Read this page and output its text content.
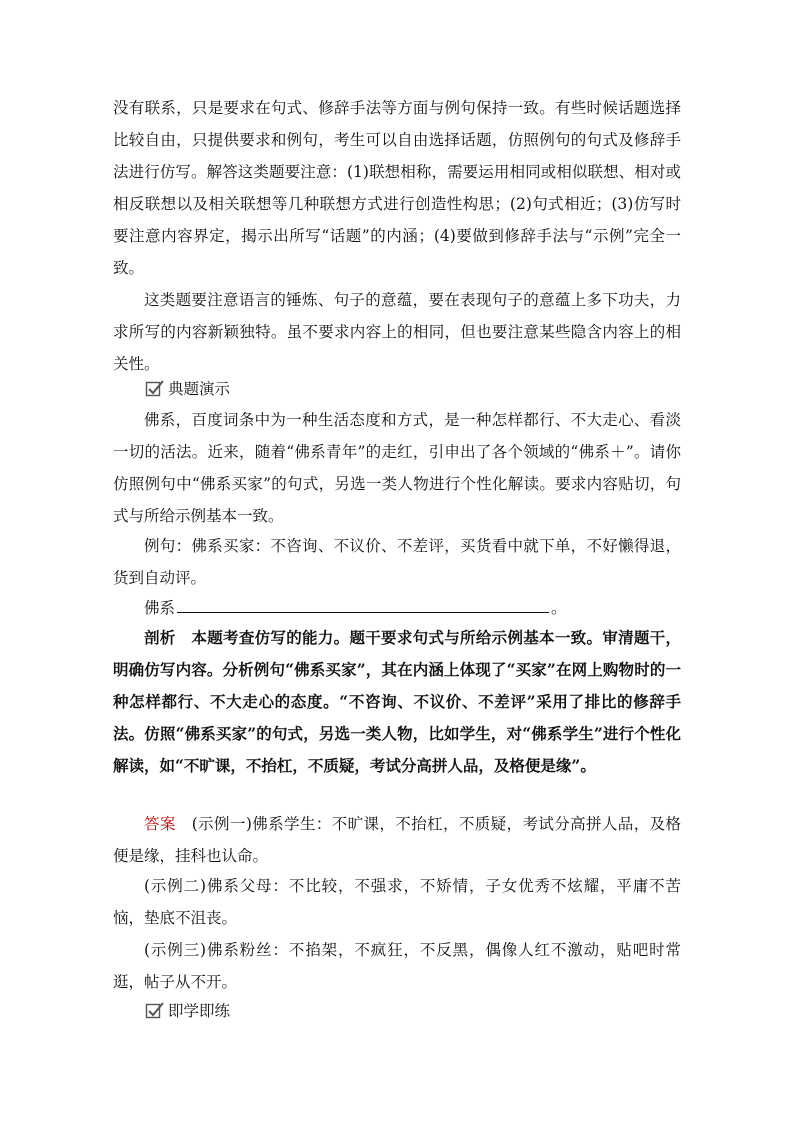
没有联系，只是要求在句式、修辞手法等方面与例句保持一致。有些时候话题选择比较自由，只提供要求和例句，考生可以自由选择话题，仿照例句的句式及修辞手法进行仿写。解答这类题要注意：(1)联想相称，需要运用相同或相似联想、相对或相反联想以及相关联想等几种联想方式进行创造性构思；(2)句式相近；(3)仿写时要注意内容界定，揭示出所写“话题”的内涵；(4)要做到修辞手法与“示例”完全一致。

这类题要注意语言的锤炼、句子的意蕴，要在表现句子的意蕴上多下功夫，力求所写的内容新颖独特。虽不要求内容上的相同，但也要注意某些隐含内容上的相关性。

典题演示

佛系，百度词条中为一种生活态度和方式，是一种怎样都行、不大走心、看淡一切的活法。近来，随着“佛系青年”的走红，引申出了各个领域的“佛系＋”。请你仿照例句中“佛系买家”的句式，另选一类人物进行个性化解读。要求内容贴切，句式与所给示例基本一致。

例句：佛系买家：不咨询、不议价、不差评，买货看中就下单，不好懒得退，货到自动评。

佛系	。

剖析　 本题考查仿写的能力。题干要求句式与所给示例基本一致。审清题干，明确仿写内容。分析例句“佛系买家”，其在内涵上体现了“买家”在网上购物时的一种怎样都行、不大走心的态度。“不咨询、不议价、不差评”采用了排比的修辞手法。仿照“佛系买家”的句式，另选一类人物，比如学生，对“佛系学生”进行个性化解读，如“不旷课，不抬杠，不质疑，考试分高拼人品，及格便是缘”。

答案　 (示例一)佛系学生：不旷课，不抬杠，不质疑，考试分高拼人品，及格便是缘，挂科也认命。

(示例二)佛系父母：不比较，不强求，不矫情，子女优秀不炫耀，平庸不苦恼，垫底不沮丧。

(示例三)佛系粉丝：不掐架，不疯狂，不反黑，偶像人红不激动，贴吧时常逛，帖子从不开。

即学即练
